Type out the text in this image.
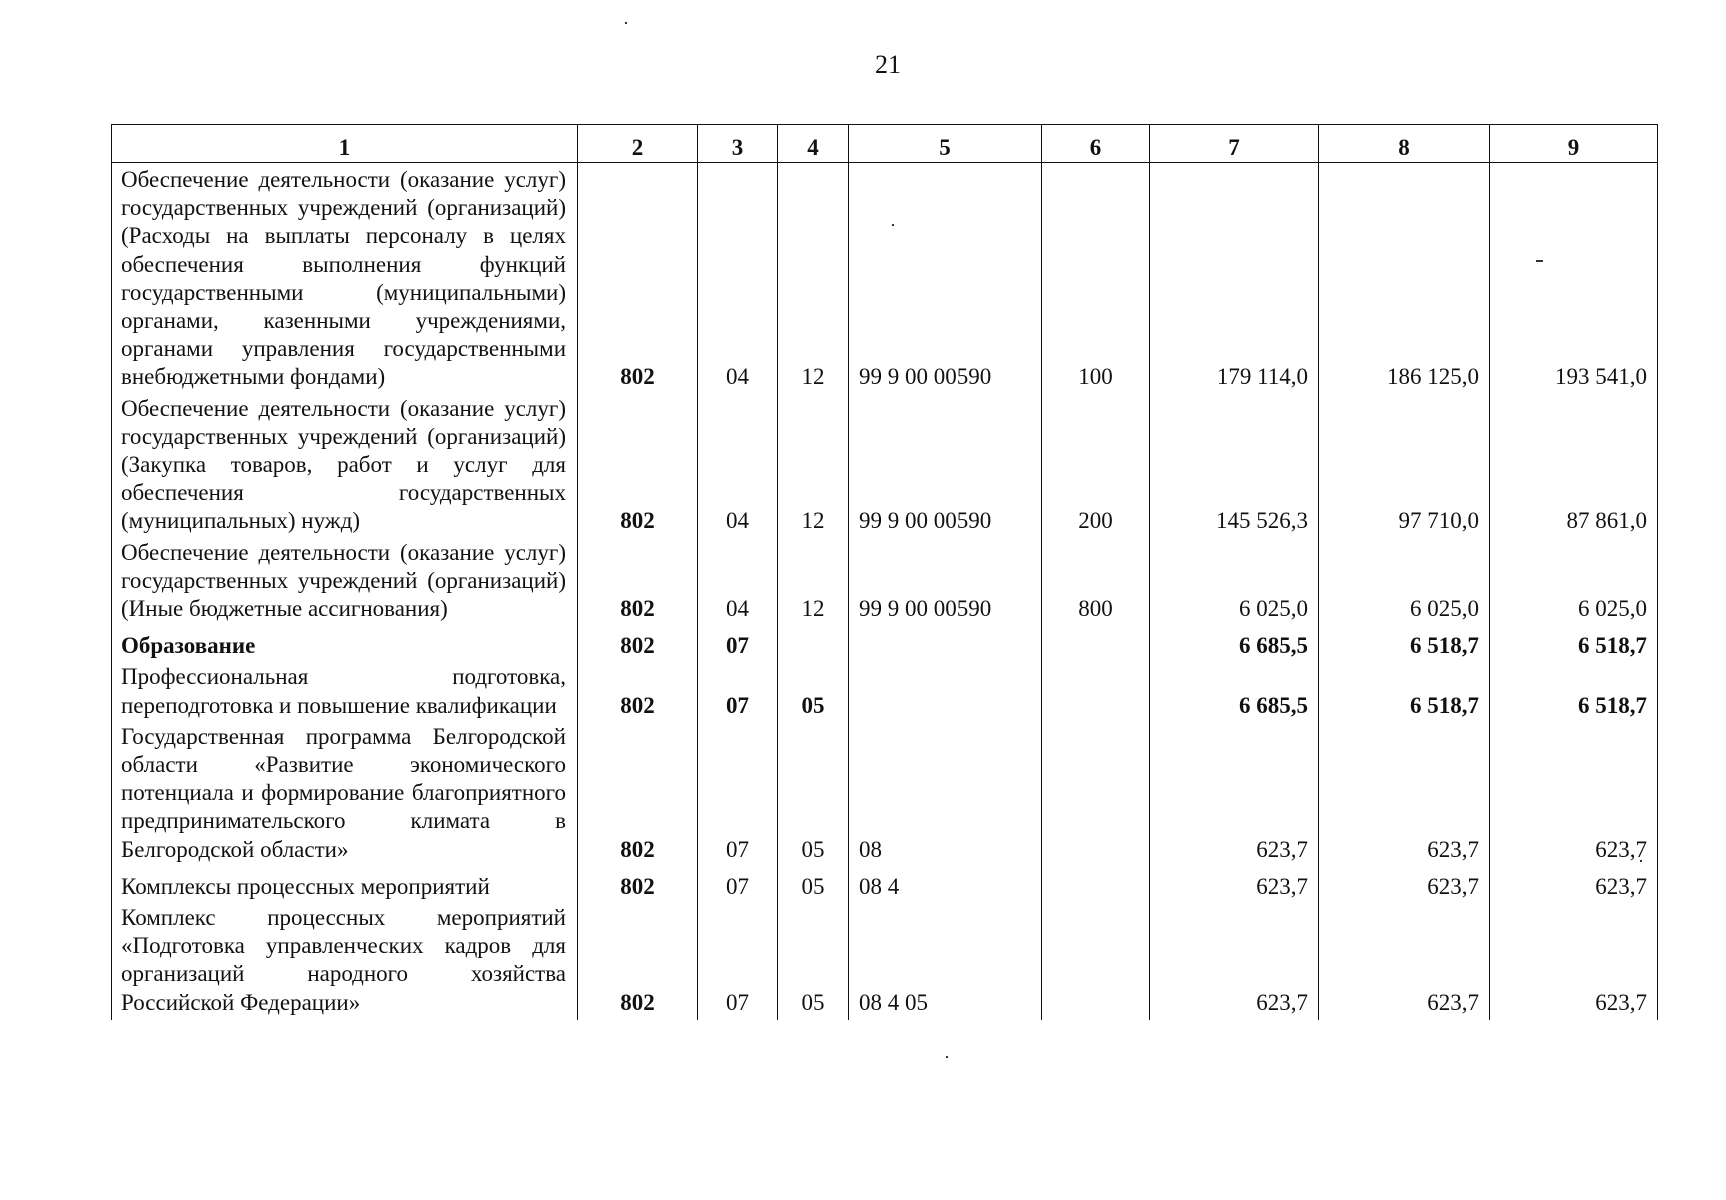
21
1	2	3	4	5	6	7	8	9
Обеспечение деятельности (оказание услуг) государственных учреждений (организаций) (Расходы на выплаты персоналу в целях обеспечения выполнения функций государственными (муниципальными) органами, казенными учреждениями, органами управления государственными внебюджетными фондами)	802	04	12	99 9 00 00590	100	179 114,0	186 125,0	193 541,0
Обеспечение деятельности (оказание услуг) государственных учреждений (организаций) (Закупка товаров, работ и услуг для обеспечения государственных (муниципальных) нужд)	802	04	12	99 9 00 00590	200	145 526,3	97 710,0	87 861,0
Обеспечение деятельности (оказание услуг) государственных учреждений (организаций) (Иные бюджетные ассигнования)	802	04	12	99 9 00 00590	800	6 025,0	6 025,0	6 025,0
Образование	802	07				6 685,5	6 518,7	6 518,7
Профессиональная подготовка, переподготовка и повышение квалификации	802	07	05			6 685,5	6 518,7	6 518,7
Государственная программа Белгородской области «Развитие экономического потенциала и формирование благоприятного предпринимательского климата в Белгородской области»	802	07	05	08		623,7	623,7	623,7
Комплексы процессных мероприятий	802	07	05	08 4		623,7	623,7	623,7
Комплекс процессных мероприятий «Подготовка управленческих кадров для организаций народного хозяйства Российской Федерации»	802	07	05	08 4 05		623,7	623,7	623,7
